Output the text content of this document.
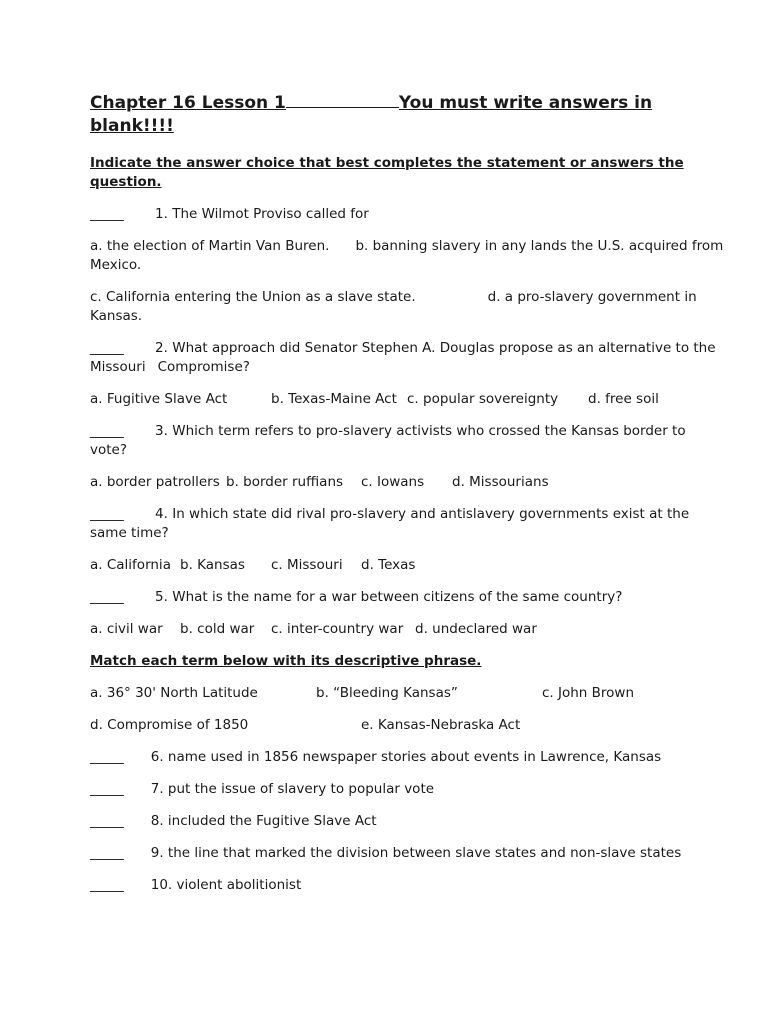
Chapter 16 Lesson 1	You must write answers in
blank!!!!

Indicate the answer choice that best completes the statement or answers the question.

_____ 1. The Wilmot Proviso called for

a. the election of Martin Van Buren. b. banning slavery in any lands the U.S. acquired from Mexico.

c. California entering the Union as a slave state.	d. a pro-slavery government in Kansas.

_____ 2. What approach did Senator Stephen A. Douglas propose as an alternative to the Missouri Compromise?

a. Fugitive Slave Act	b. Texas-Maine Act c. popular sovereignty d. free soil

_____ 3. Which term refers to pro-slavery activists who crossed the Kansas border to vote?

a. border patrollers b. border ruffians c. Iowans d. Missourians

_____ 4. In which state did rival pro-slavery and antislavery governments exist at the same time?

a. California b. Kansas c. Missouri d. Texas

_____ 5. What is the name for a war between citizens of the same country?

a. civil war b. cold war c. inter-country war d. undeclared war

Match each term below with its descriptive phrase.

a. 36° 30' North Latitude	b. “Bleeding Kansas”	c. John Brown
d. Compromise of 1850	e. Kansas-Nebraska Act

_____ 6. name used in 1856 newspaper stories about events in Lawrence, Kansas

_____ 7. put the issue of slavery to popular vote

_____ 8. included the Fugitive Slave Act

_____ 9. the line that marked the division between slave states and non-slave states

_____ 10. violent abolitionist
